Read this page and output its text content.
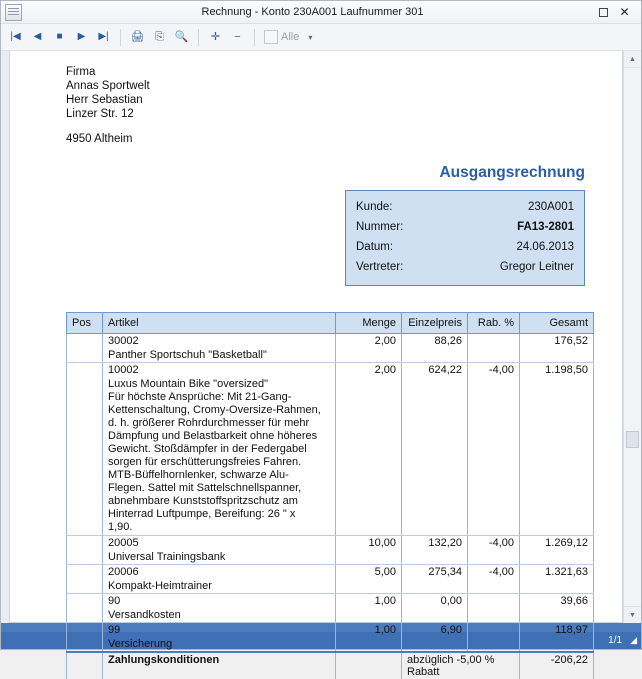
Rechnung - Konto 230A001 Laufnummer 301	✕
|◀	◀	■	▶	▶|	🖨 ⎘ 🔍	✛	−	Alle ▾
Firma
Annas Sportwelt
Herr Sebastian
Linzer Str. 12
4950 Altheim
Ausgangsrechnung
Kunde:	230A001
Nummer:	FA13-2801
Datum:	24.06.2013
Vertreter:	Gregor Leitner
Pos	Artikel	Menge	Einzelpreis	Rab. %	Gesamt
	30002	2,00	88,26		176,52
	Panther Sportschuh "Basketball"				
	10002	2,00	624,22	-4,00	1.198,50
	Luxus Mountain Bike "oversized"
Für höchste Ansprüche: Mit 21-Gang-
Kettenschaltung, Cromy-Oversize-Rahmen,
d. h. größerer Rohrdurchmesser für mehr
Dämpfung und Belastbarkeit ohne höheres
Gewicht. Stoßdämpfer in der Federgabel
sorgen für erschütterungsfreies Fahren.
MTB-Büffelhornlenker, schwarze Alu-
Flegen. Sattel mit Sattelschnellspanner,
abnehmbare Kunststoffspritzschutz am
Hinterrad Luftpumpe, Bereifung: 26 " x
1,90.				
	20005	10,00	132,20	-4,00	1.269,12
	Universal Trainingsbank				
	20006	5,00	275,34	-4,00	1.321,63
	Kompakt-Heimtrainer				
	90	1,00	0,00		39,66
	Versandkosten				
	99	1,00	6,90		118,97
	Versicherung				
	Zahlungskonditionen		abzüglich -5,00 % Rabatt		-206,22
▲
▼
1/1 ◢
